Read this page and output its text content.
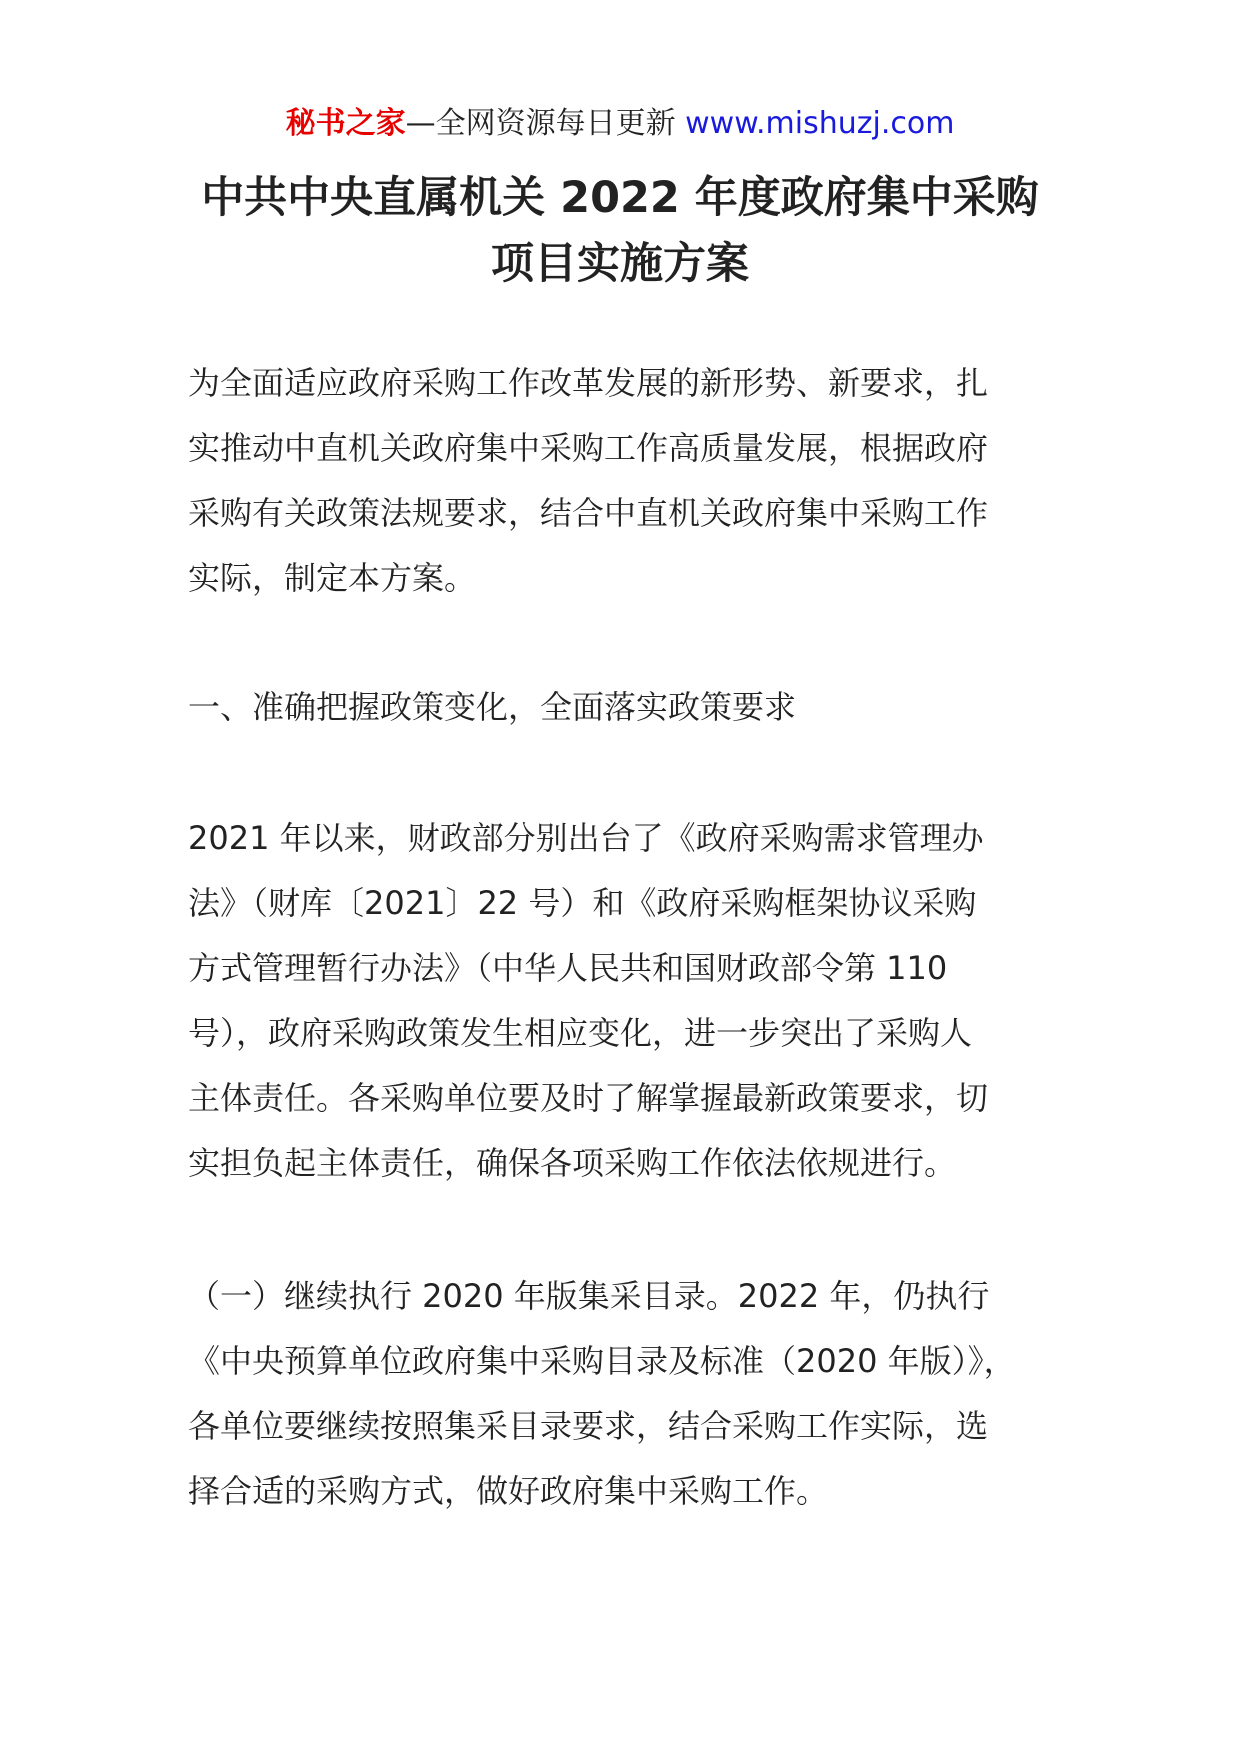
秘书之家—全网资源每日更新 www.mishuzj.com
中共中央直属机关 2022 年度政府集中采购
项目实施方案
为全面适应政府采购工作改革发展的新形势、新要求，扎
实推动中直机关政府集中采购工作高质量发展，根据政府
采购有关政策法规要求，结合中直机关政府集中采购工作
实际，制定本方案。
一、准确把握政策变化，全面落实政策要求
2021 年以来，财政部分别出台了《政府采购需求管理办
法》（财库〔2021〕22 号）和《政府采购框架协议采购
方式管理暂行办法》（中华人民共和国财政部令第 110
号），政府采购政策发生相应变化，进一步突出了采购人
主体责任。各采购单位要及时了解掌握最新政策要求，切
实担负起主体责任，确保各项采购工作依法依规进行。
（一）继续执行 2020 年版集采目录。2022 年，仍执行
《中央预算单位政府集中采购目录及标准（2020 年版）》，
各单位要继续按照集采目录要求，结合采购工作实际，选
择合适的采购方式，做好政府集中采购工作。
